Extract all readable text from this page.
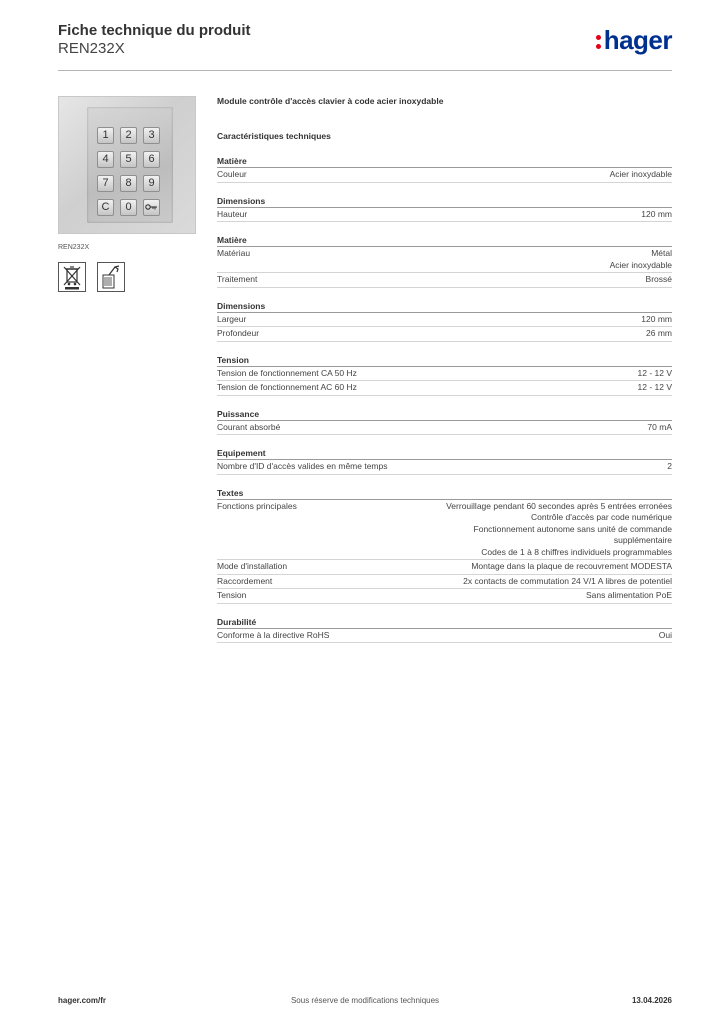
Fiche technique du produit
REN232X	hager
1	2	3
4	5	6
7	8	9
C	0
REN232X
Module contrôle d'accès clavier à code acier inoxydable
Caractéristiques techniques
Matière
Couleur	Acier inoxydable
Dimensions
Hauteur	120 mm
Matière
Matériau	Métal
Acier inoxydable
Traitement	Brossé
Dimensions
Largeur	120 mm
Profondeur	26 mm
Tension
Tension de fonctionnement CA 50 Hz	12 - 12 V
Tension de fonctionnement AC 60 Hz	12 - 12 V
Puissance
Courant absorbé	70 mA
Equipement
Nombre d'ID d'accès valides en même temps	2
Textes
Fonctions principales	Verrouillage pendant 60 secondes après 5 entrées erronées
Contrôle d'accès par code numérique
Fonctionnement autonome sans unité de commande
supplémentaire
Codes de 1 à 8 chiffres individuels programmables
Mode d'installation	Montage dans la plaque de recouvrement MODESTA
Raccordement	2x contacts de commutation 24 V/1 A libres de potentiel
Tension	Sans alimentation PoE
Durabilité
Conforme à la directive RoHS	Oui
hager.com/fr	Sous réserve de modifications techniques	13.04.2026
